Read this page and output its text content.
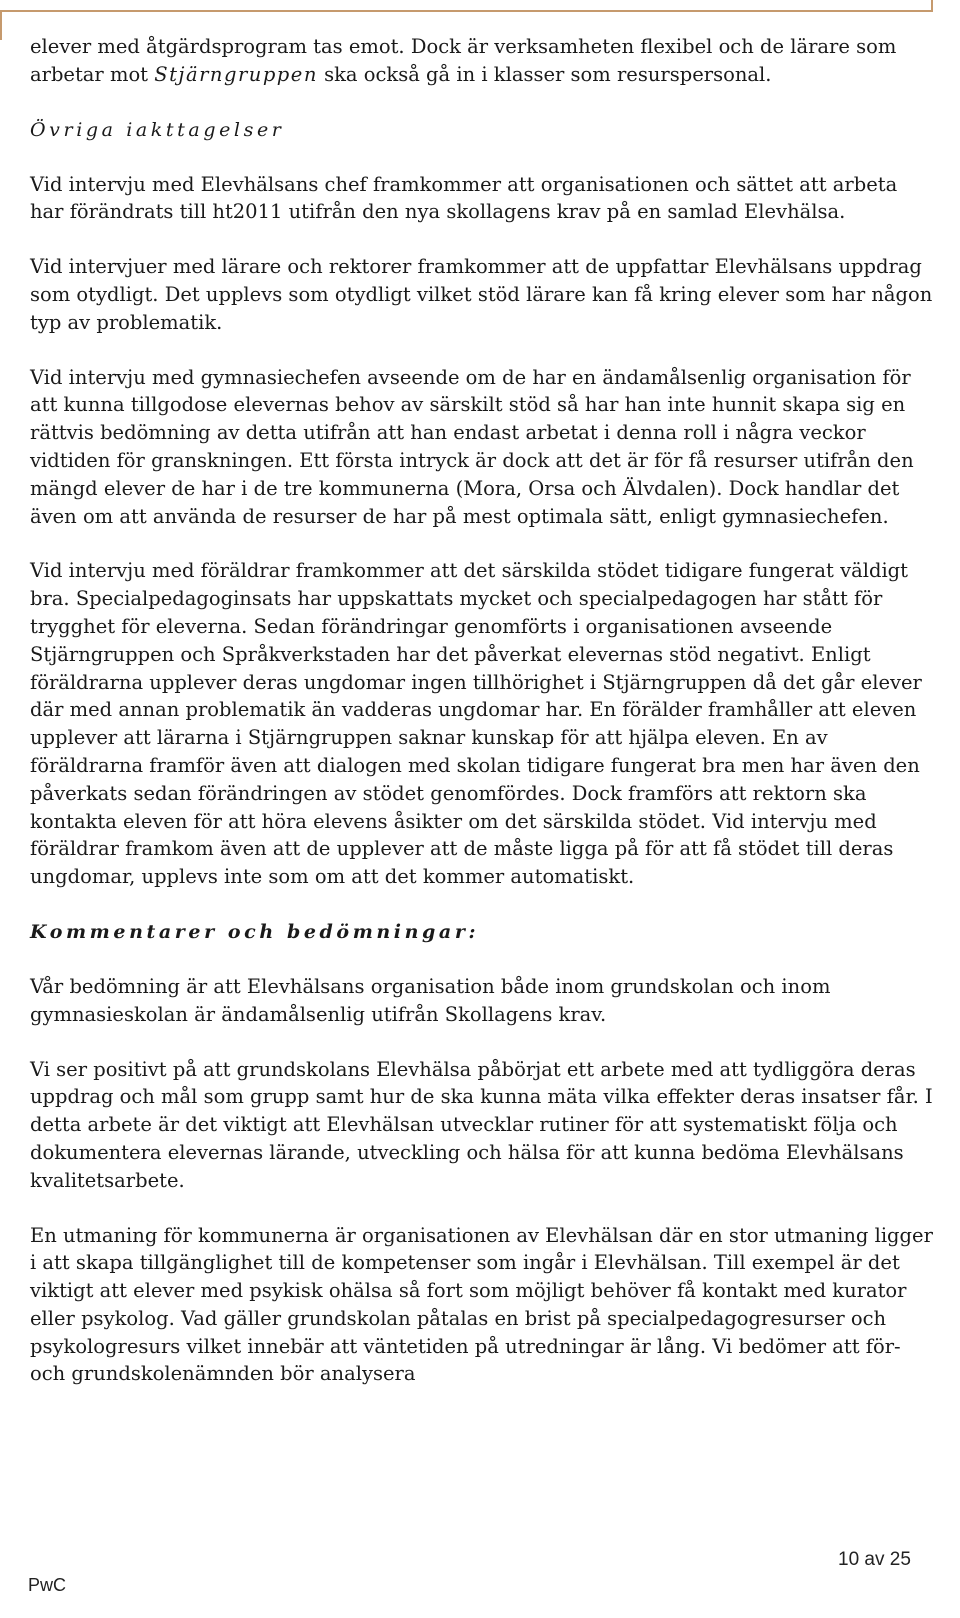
elever med åtgärdsprogram tas emot. Dock är verksamheten flexibel och de lärare som arbetar mot Stjärngruppen ska också gå in i klasser som resurspersonal.

Övriga iakttagelser

Vid intervju med Elevhälsans chef framkommer att organisationen och sättet att arbeta har förändrats till ht2011 utifrån den nya skollagens krav på en samlad Elevhälsa.

Vid intervjuer med lärare och rektorer framkommer att de uppfattar Elevhälsans uppdrag som otydligt. Det upplevs som otydligt vilket stöd lärare kan få kring elever som har någon typ av problematik.

Vid intervju med gymnasiechefen avseende om de har en ändamålsenlig organisation för att kunna tillgodose elevernas behov av särskilt stöd så har han inte hunnit skapa sig en rättvis bedömning av detta utifrån att han endast arbetat i denna roll i några veckor vidtiden för granskningen. Ett första intryck är dock att det är för få resurser utifrån den mängd elever de har i de tre kommunerna (Mora, Orsa och Älvdalen). Dock handlar det även om att använda de resurser de har på mest optimala sätt, enligt gymnasiechefen.

Vid intervju med föräldrar framkommer att det särskilda stödet tidigare fungerat väldigt bra. Specialpedagoginsats har uppskattats mycket och specialpedagogen har stått för trygghet för eleverna. Sedan förändringar genomförts i organisationen avseende Stjärngruppen och Språkverkstaden har det påverkat elevernas stöd negativt. Enligt föräldrarna upplever deras ungdomar ingen tillhörighet i Stjärngruppen då det går elever där med annan problematik än vadderas ungdomar har. En förälder framhåller att eleven upplever att lärarna i Stjärngruppen saknar kunskap för att hjälpa eleven. En av föräldrarna framför även att dialogen med skolan tidigare fungerat bra men har även den påverkats sedan förändringen av stödet genomfördes. Dock framförs att rektorn ska kontakta eleven för att höra elevens åsikter om det särskilda stödet. Vid intervju med föräldrar framkom även att de upplever att de måste ligga på för att få stödet till deras ungdomar, upplevs inte som om att det kommer automatiskt.

Kommentarer och bedömningar:

Vår bedömning är att Elevhälsans organisation både inom grundskolan och inom gymnasieskolan är ändamålsenlig utifrån Skollagens krav.

Vi ser positivt på att grundskolans Elevhälsa påbörjat ett arbete med att tydliggöra deras uppdrag och mål som grupp samt hur de ska kunna mäta vilka effekter deras insatser får. I detta arbete är det viktigt att Elevhälsan utvecklar rutiner för att systematiskt följa och dokumentera elevernas lärande, utveckling och hälsa för att kunna bedöma Elevhälsans kvalitetsarbete.

En utmaning för kommunerna är organisationen av Elevhälsan där en stor utmaning ligger i att skapa tillgänglighet till de kompetenser som ingår i Elevhälsan. Till exempel är det viktigt att elever med psykisk ohälsa så fort som möjligt behöver få kontakt med kurator eller psykolog. Vad gäller grundskolan påtalas en brist på specialpedagogresurser och psykologresurs vilket innebär att väntetiden på utredningar är lång. Vi bedömer att för- och grundskolenämnden bör analysera

10 av 25
PwC
